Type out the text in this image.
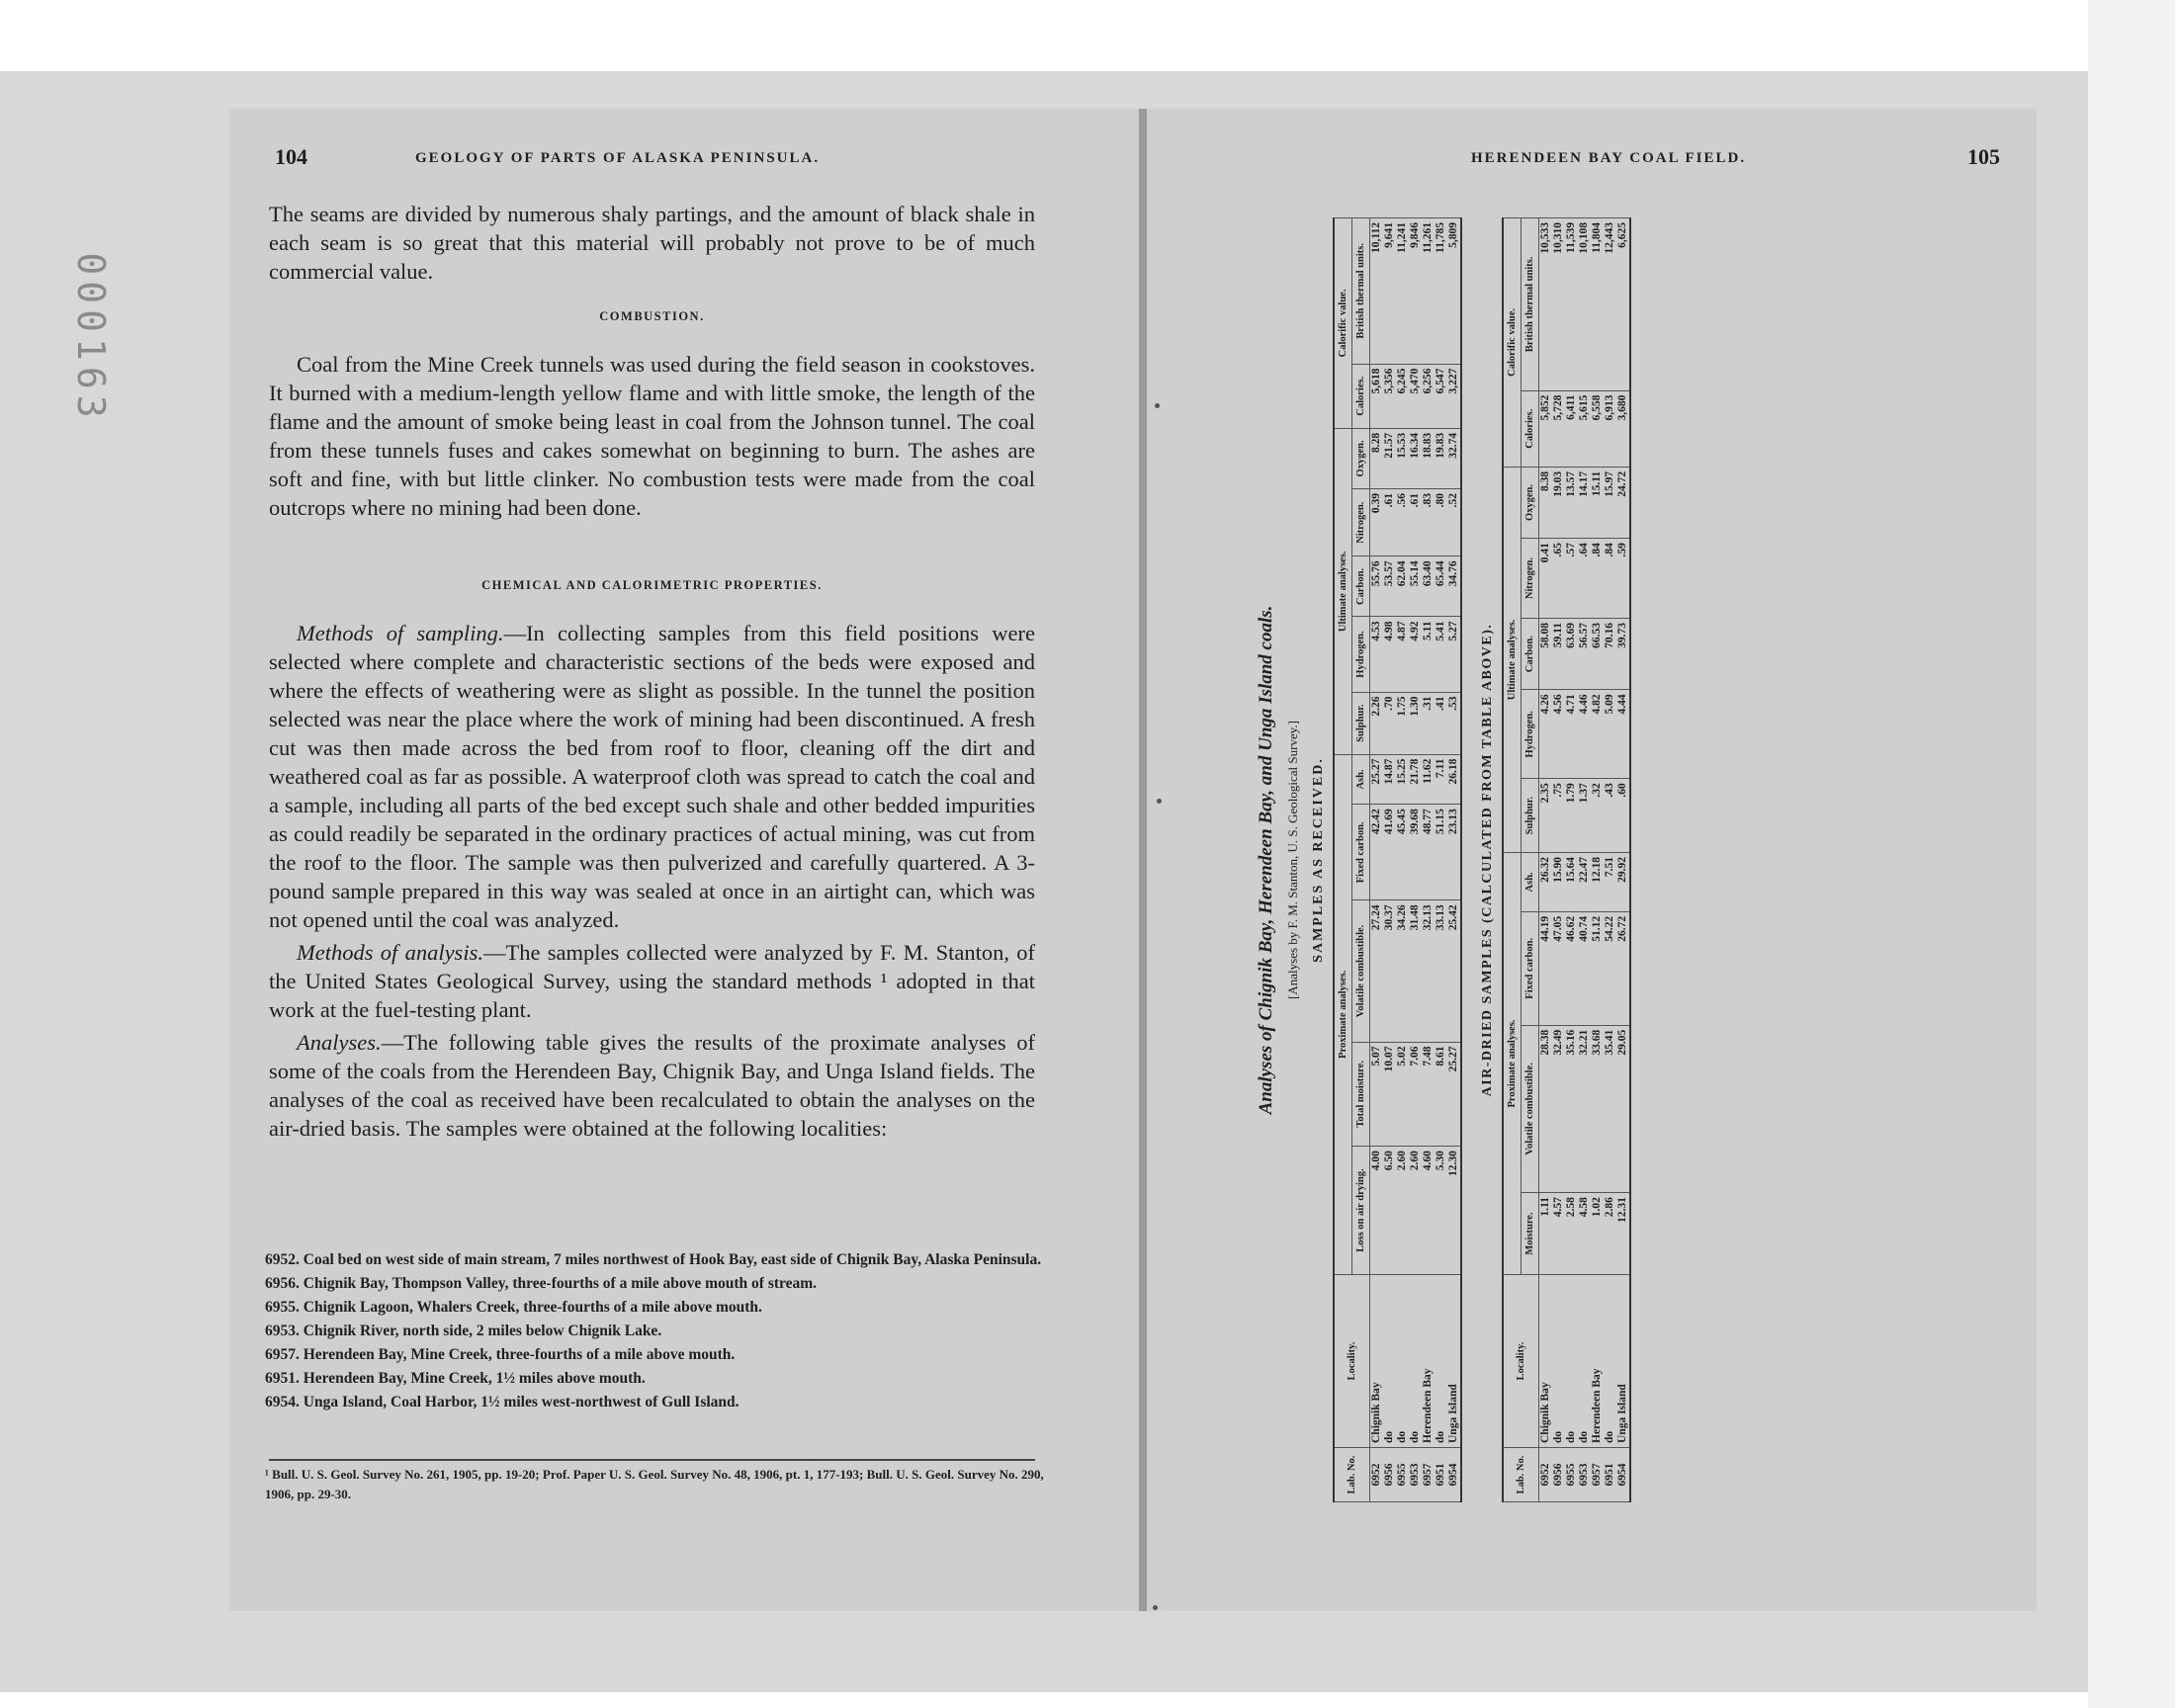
000163
104	GEOLOGY OF PARTS OF ALASKA PENINSULA.

The seams are divided by numerous shaly partings, and the amount of black shale in each seam is so great that this material will probably not prove to be of much commercial value.

COMBUSTION.

Coal from the Mine Creek tunnels was used during the field season in cookstoves. It burned with a medium-length yellow flame and with little smoke, the length of the flame and the amount of smoke being least in coal from the Johnson tunnel. The coal from these tunnels fuses and cakes somewhat on beginning to burn. The ashes are soft and fine, with but little clinker. No combustion tests were made from the coal outcrops where no mining had been done.

CHEMICAL AND CALORIMETRIC PROPERTIES.

Methods of sampling.—In collecting samples from this field positions were selected where complete and characteristic sections of the beds were exposed and where the effects of weathering were as slight as possible. In the tunnel the position selected was near the place where the work of mining had been discontinued. A fresh cut was then made across the bed from roof to floor, cleaning off the dirt and weathered coal as far as possible. A waterproof cloth was spread to catch the coal and a sample, including all parts of the bed except such shale and other bedded impurities as could readily be separated in the ordinary practices of actual mining, was cut from the roof to the floor. The sample was then pulverized and carefully quartered. A 3-pound sample prepared in this way was sealed at once in an airtight can, which was not opened until the coal was analyzed.

Methods of analysis.—The samples collected were analyzed by F. M. Stanton, of the United States Geological Survey, using the standard methods ¹ adopted in that work at the fuel-testing plant.

Analyses.—The following table gives the results of the proximate analyses of some of the coals from the Herendeen Bay, Chignik Bay, and Unga Island fields. The analyses of the coal as received have been recalculated to obtain the analyses on the air-dried basis. The samples were obtained at the following localities:

6952. Coal bed on west side of main stream, 7 miles northwest of Hook Bay, east side of Chignik Bay, Alaska Peninsula.
6956. Chignik Bay, Thompson Valley, three-fourths of a mile above mouth of stream.
6955. Chignik Lagoon, Whalers Creek, three-fourths of a mile above mouth.
6953. Chignik River, north side, 2 miles below Chignik Lake.
6957. Herendeen Bay, Mine Creek, three-fourths of a mile above mouth.
6951. Herendeen Bay, Mine Creek, 1½ miles above mouth.
6954. Unga Island, Coal Harbor, 1½ miles west-northwest of Gull Island.
¹ Bull. U. S. Geol. Survey No. 261, 1905, pp. 19-20; Prof. Paper U. S. Geol. Survey No. 48, 1906, pt. 1, 177-193; Bull. U. S. Geol. Survey No. 290, 1906, pp. 29-30.
HERENDEEN BAY COAL FIELD.	105
Analyses of Chignik Bay, Herendeen Bay, and Unga Island coals. [Analyses by F. M. Stanton, U. S. Geological Survey.] SAMPLES AS RECEIVED.
Lab. No.	Locality.	Proximate analyses.					Ultimate analyses.					Calorific value.	
		Loss on air drying.	Total moisture.	Volatile combustible.	Fixed carbon.	Ash.	Sulphur.	Hydrogen.	Carbon.	Nitrogen.	Oxygen.	Calories.	British thermal units.
6952	Chignik Bay	4.00	5.07	27.24	42.42	25.27	2.26	4.53	55.76	0.39	8.28	5,618	10,112
6956	do	6.50	10.07	30.37	41.69	14.87	.70	4.98	53.57	.61	21.57	5,356	9,641
6955	do	2.60	5.02	34.26	45.45	15.25	1.75	4.87	62.04	.56	15.53	6,245	11,241
6953	do	2.60	7.06	31.48	39.68	21.78	1.30	4.92	55.14	.61	16.34	5,470	9,846
6957	Herendeen Bay	4.60	7.48	32.13	48.77	11.62	.31	5.11	63.40	.83	18.83	6,256	11,261
6951	do	5.30	8.61	33.13	51.15	7.11	.41	5.41	65.44	.80	19.83	6,547	11,785
6954	Unga Island	12.30	25.27	25.42	23.13	26.18	.53	5.27	34.76	.52	32.74	3,227	5,809
AIR-DRIED SAMPLES (CALCULATED FROM TABLE ABOVE).
Lab. No.	Locality.	Proximate analyses.				Ultimate analyses.					Calorific value.	
		Moisture.	Volatile combustible.	Fixed carbon.	Ash.	Sulphur.	Hydrogen.	Carbon.	Nitrogen.	Oxygen.	Calories.	British thermal units.
6952	Chignik Bay	1.11	28.38	44.19	26.32	2.35	4.26	58.08	0.41	8.38	5,852	10,533
6956	do	4.57	32.49	47.05	15.90	.75	4.56	59.11	.65	19.03	5,728	10,310
6955	do	2.58	35.16	46.62	15.64	1.79	4.71	63.69	.57	13.57	6,411	11,539
6953	do	4.58	32.21	40.74	22.47	1.37	4.46	56.57	.64	14.17	5,615	10,108
6957	Herendeen Bay	1.02	33.68	51.12	12.18	.32	4.82	66.53	.84	15.11	6,558	11,804
6951	do	2.86	35.41	54.22	7.51	.43	5.09	70.16	.84	15.97	6,913	12,443
6954	Unga Island	12.31	29.05	26.72	29.92	.60	4.44	39.73	.59	24.72	3,680	6,625
